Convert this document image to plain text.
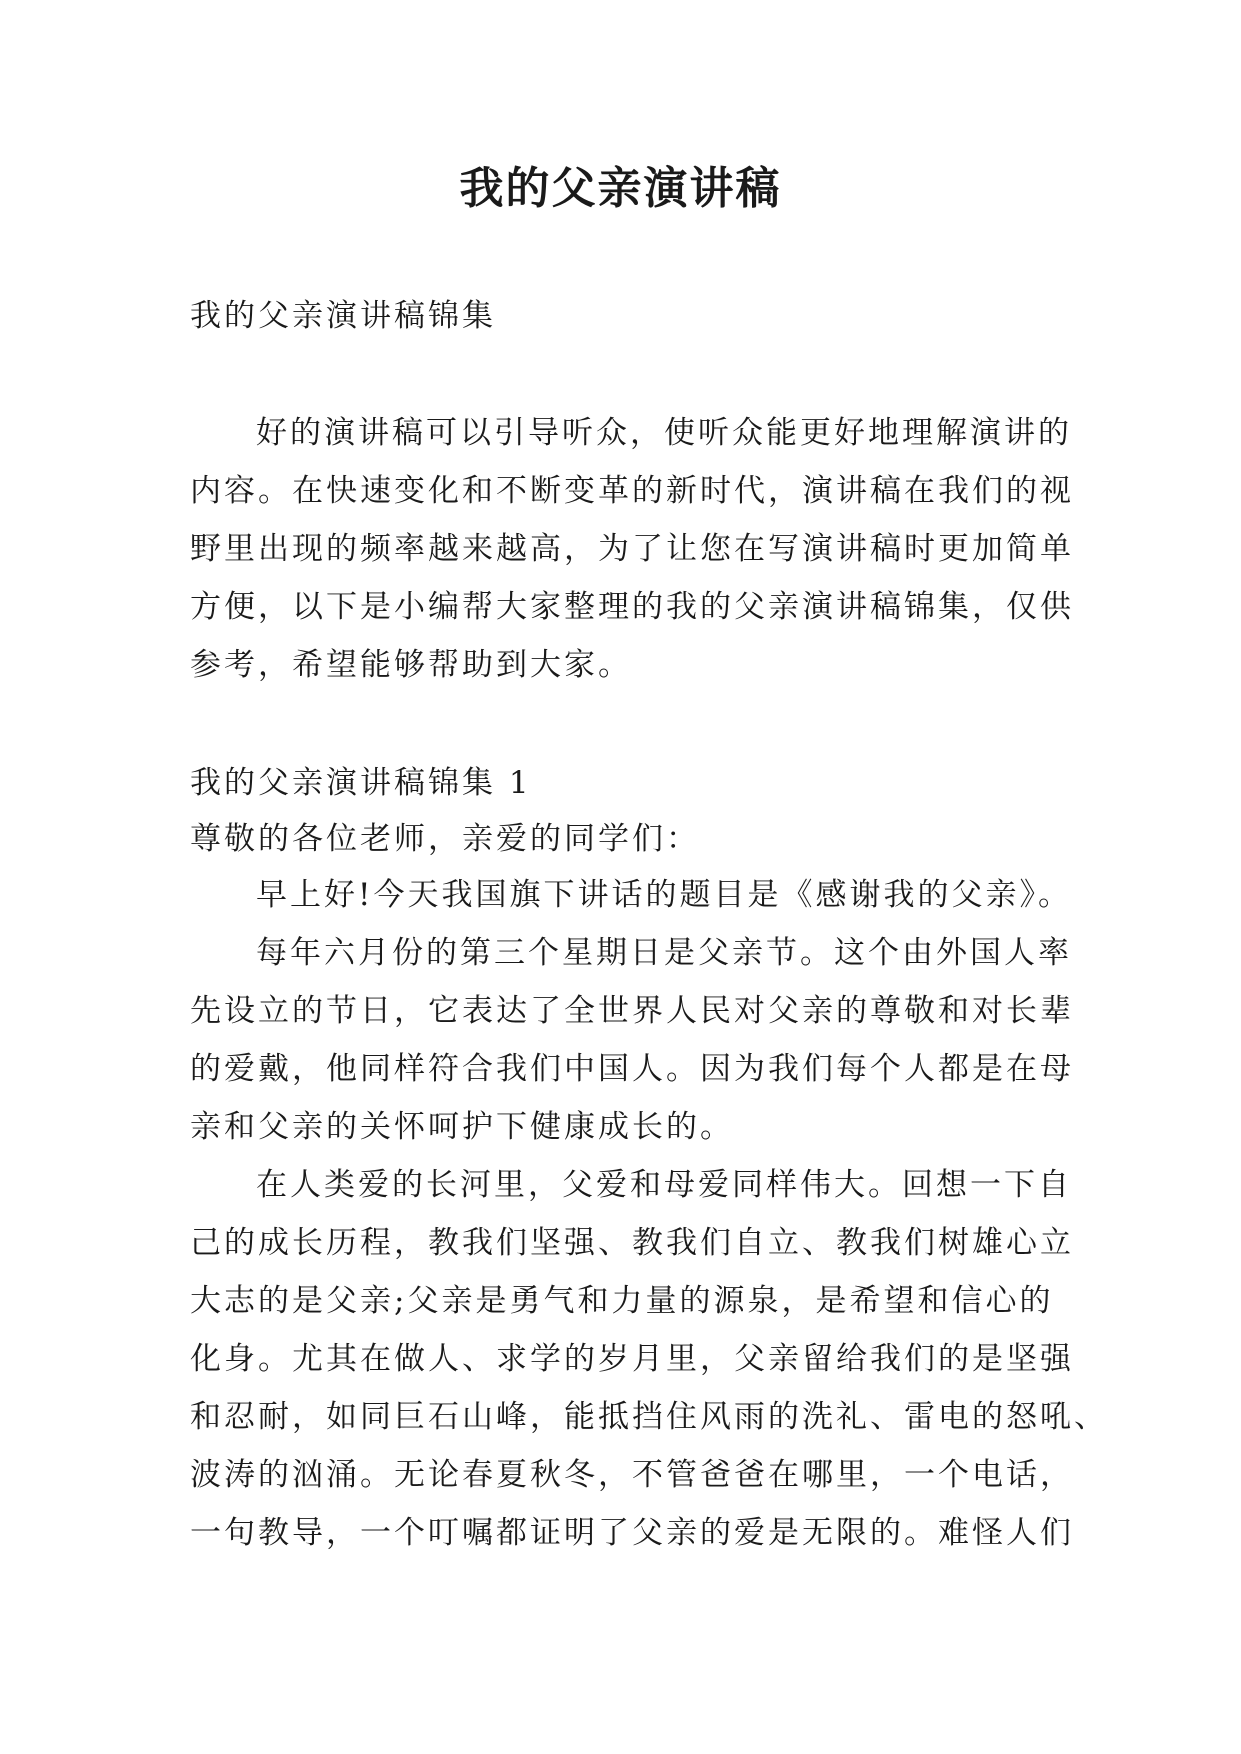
我的父亲演讲稿
我的父亲演讲稿锦集
好的演讲稿可以引导听众，使听众能更好地理解演讲的
内容。在快速变化和不断变革的新时代，演讲稿在我们的视
野里出现的频率越来越高，为了让您在写演讲稿时更加简单
方便，以下是小编帮大家整理的我的父亲演讲稿锦集，仅供
参考，希望能够帮助到大家。
我的父亲演讲稿锦集 1
尊敬的各位老师，亲爱的同学们：
早上好!今天我国旗下讲话的题目是《感谢我的父亲》。
每年六月份的第三个星期日是父亲节。这个由外国人率
先设立的节日，它表达了全世界人民对父亲的尊敬和对长辈
的爱戴，他同样符合我们中国人。因为我们每个人都是在母
亲和父亲的关怀呵护下健康成长的。
在人类爱的长河里，父爱和母爱同样伟大。回想一下自
己的成长历程，教我们坚强、教我们自立、教我们树雄心立
大志的是父亲;父亲是勇气和力量的源泉，是希望和信心的
化身。尤其在做人、求学的岁月里，父亲留给我们的是坚强
和忍耐，如同巨石山峰，能抵挡住风雨的洗礼、雷电的怒吼、
波涛的汹涌。无论春夏秋冬，不管爸爸在哪里，一个电话，
一句教导，一个叮嘱都证明了父亲的爱是无限的。难怪人们
